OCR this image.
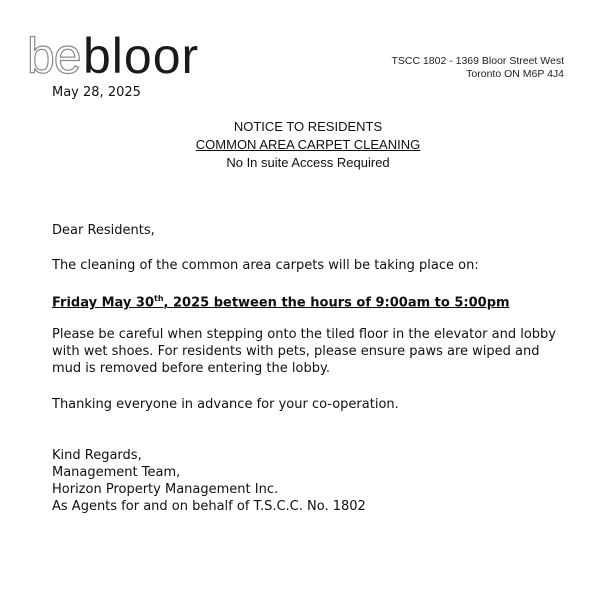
be bloor	TSCC 1802 - 1369 Bloor Street West
Toronto ON M6P 4J4
May 28, 2025
NOTICE TO RESIDENTS
COMMON AREA CARPET CLEANING
No In suite Access Required

Dear Residents,

The cleaning of the common area carpets will be taking place on:

Friday May 30th, 2025 between the hours of 9:00am to 5:00pm

Please be careful when stepping onto the tiled floor in the elevator and lobby with wet shoes. For residents with pets, please ensure paws are wiped and mud is removed before entering the lobby.

Thanking everyone in advance for your co-operation.

Kind Regards,
Management Team,
Horizon Property Management Inc.
As Agents for and on behalf of T.S.C.C. No. 1802
